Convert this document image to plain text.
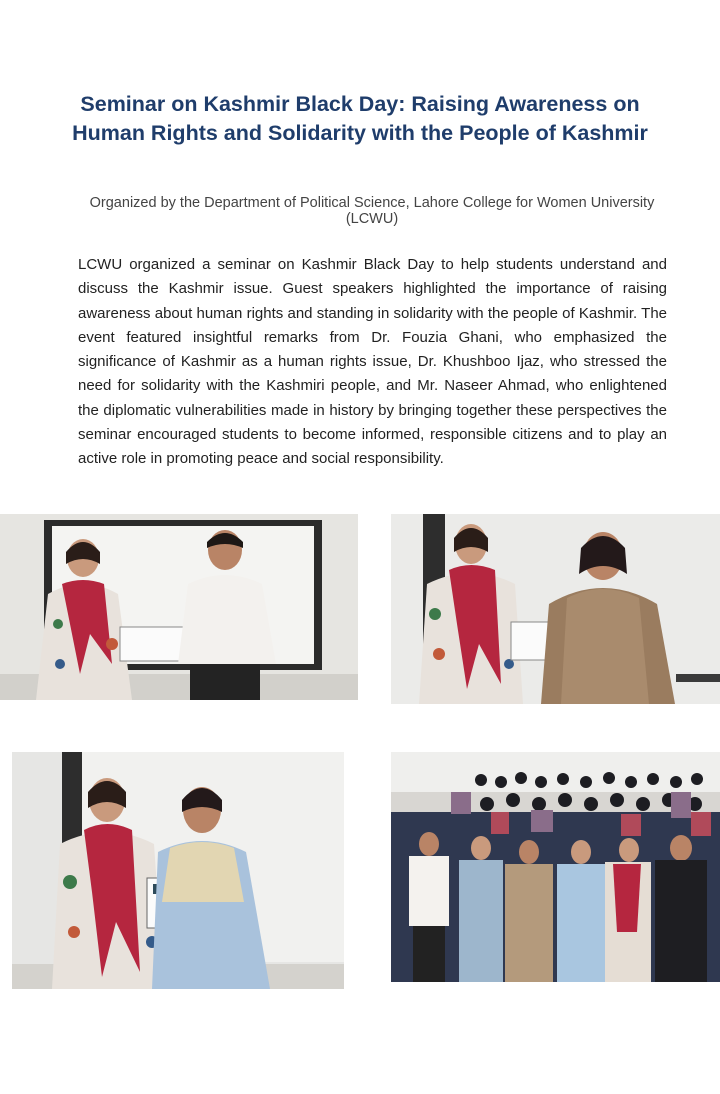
Seminar on Kashmir Black Day: Raising Awareness on Human Rights and Solidarity with the People of Kashmir
Organized by the Department of Political Science, Lahore College for Women University (LCWU)

LCWU organized a seminar on Kashmir Black Day to help students understand and discuss the Kashmir issue. Guest speakers highlighted the importance of raising awareness about human rights and standing in solidarity with the people of Kashmir. The event featured insightful remarks from Dr. Fouzia Ghani, who emphasized the significance of Kashmir as a human rights issue, Dr. Khushboo Ijaz, who stressed the need for solidarity with the Kashmiri people, and Mr. Naseer Ahmad, who enlightened the diplomatic vulnerabilities made in history by bringing together these perspectives the seminar encouraged students to become informed, responsible citizens and to play an active role in promoting peace and social responsibility.
